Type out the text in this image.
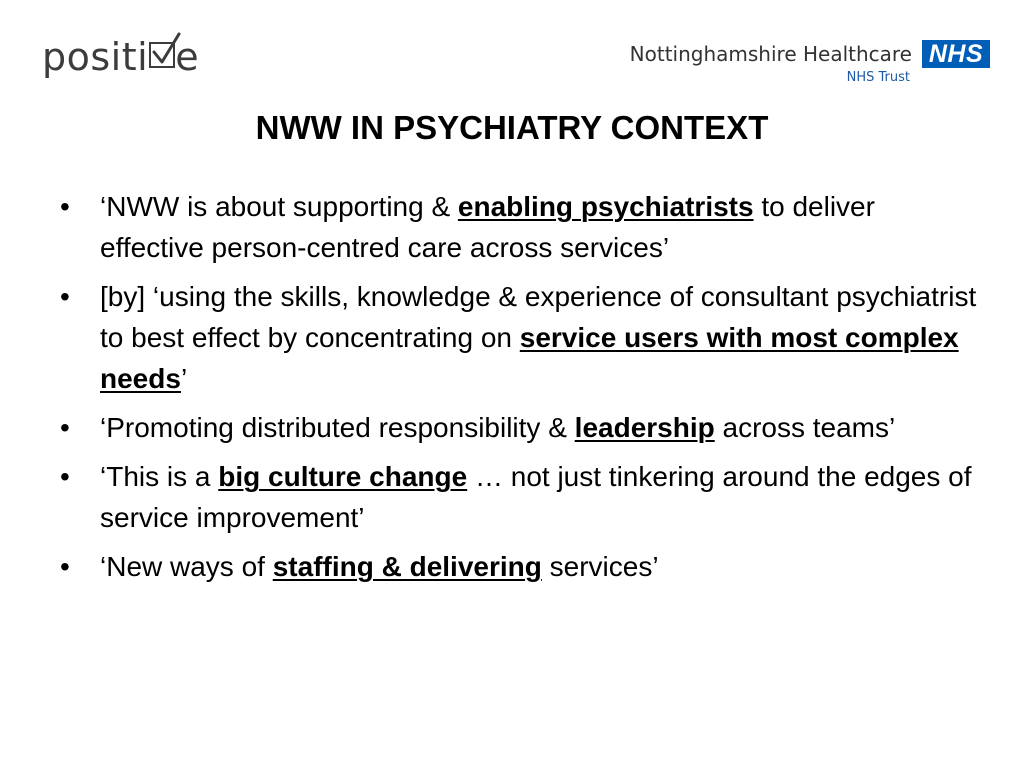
positi e	Nottinghamshire Healthcare
NHS Trust
NHS
NWW IN PSYCHIATRY CONTEXT
•	‘NWW is about supporting & enabling psychiatrists to deliver effective person-centred care across services’
•	[by] ‘using the skills, knowledge & experience of consultant psychiatrist to best effect by concentrating on service users with most complex needs’
•	‘Promoting distributed responsibility & leadership across teams’
•	‘This is a big culture change … not just tinkering around the edges of service improvement’
•	‘New ways of staffing & delivering services’
